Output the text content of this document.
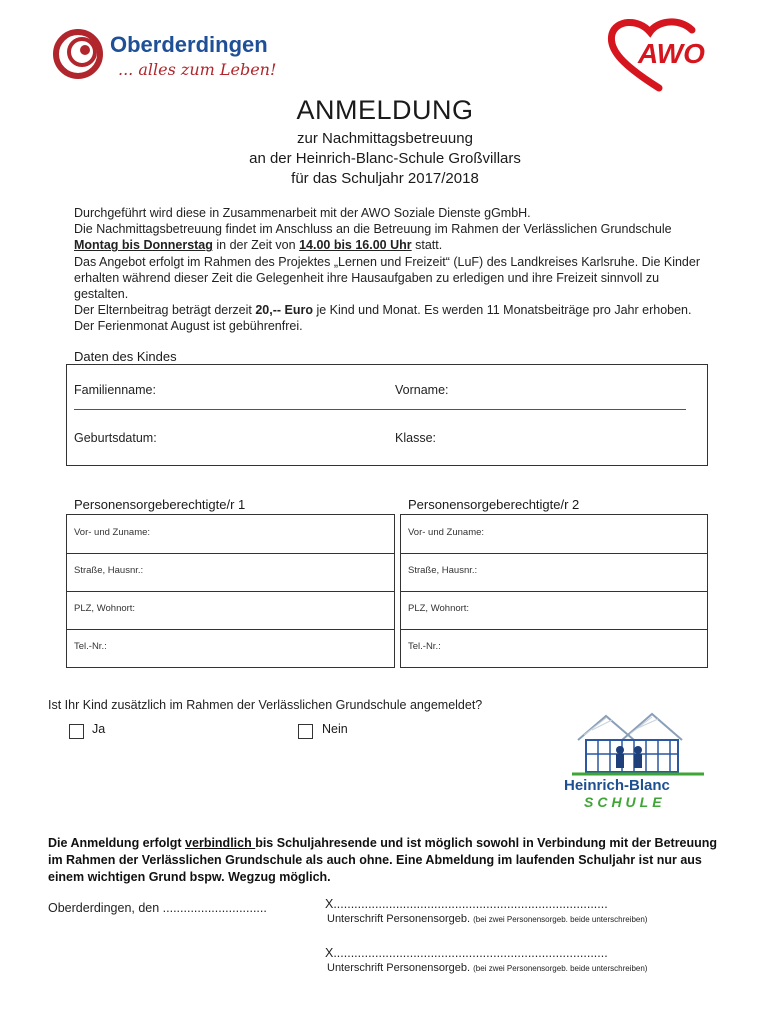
Oberderdingen
... alles zum Leben!
AWO
ANMELDUNG
zur Nachmittagsbetreuung
an der Heinrich-Blanc-Schule Großvillars
für das Schuljahr 2017/2018

Durchgeführt wird diese in Zusammenarbeit mit der AWO Soziale Dienste gGmbH.

Die Nachmittagsbetreuung findet im Anschluss an die Betreuung im Rahmen der Verlässlichen Grundschule Montag bis Donnerstag in der Zeit von 14.00 bis 16.00 Uhr statt.

Das Angebot erfolgt im Rahmen des Projektes „Lernen und Freizeit“ (LuF) des Landkreises Karlsruhe. Die Kinder erhalten während dieser Zeit die Gelegenheit ihre Hausaufgaben zu erledigen und ihre Freizeit sinnvoll zu gestalten.

Der Elternbeitrag beträgt derzeit 20,-- Euro je Kind und Monat. Es werden 11 Monatsbeiträge pro Jahr erhoben. Der Ferienmonat August ist gebührenfrei.

Daten des Kindes
Familienname:	Vorname:
Geburtsdatum:	Klasse:
Personensorgeberechtigte/r 1	Personensorgeberechtigte/r 2
Vor- und Zuname:
Straße, Hausnr.:
PLZ, Wohnort:
Tel.-Nr.:
Vor- und Zuname:
Straße, Hausnr.:
PLZ, Wohnort:
Tel.-Nr.:
Ist Ihr Kind zusätzlich im Rahmen der Verlässlichen Grundschule angemeldet?
Ja	Nein
Heinrich-Blanc
SCHULE
Die Anmeldung erfolgt verbindlich bis Schuljahresende und ist möglich sowohl in Verbindung mit der Betreuung im Rahmen der Verlässlichen Grundschule als auch ohne. Eine Abmeldung im laufenden Schuljahr ist nur aus einem wichtigen Grund bspw. Wegzug möglich.
Oberderdingen, den ..............................	X...............................................................................
Unterschrift Personensorgeb. (bei zwei Personensorgeb. beide unterschreiben)
X...............................................................................
Unterschrift Personensorgeb. (bei zwei Personensorgeb. beide unterschreiben)
